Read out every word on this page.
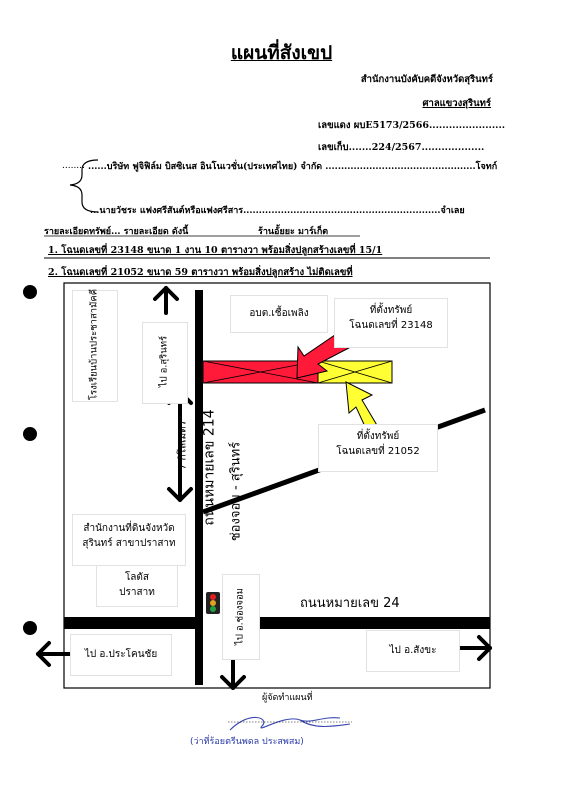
แผนที่สังเขป
สำนักงานบังคับคดีจังหวัดสุรินทร์
ศาลแขวงสุรินทร์
เลขแดง ผบE5173/2566.......................
เลขเก็บ.......224/2567...................
........ ......บริษัท ฟูจิฟิล์ม บิสซิเนส อินโนเวชั่น(ประเทศไทย) จำกัด ................................................โจทก์
...นายวัชระ แฟงศรีสันต์หรือแฟงศรีสาร...............................................................จำเลย
รายละเอียดทรัพย์... รายละเอียด ดังนี้	ร้านอั้ยยะ มาร์เก็ต
1. โฉนดเลขที่ 23148 ขนาด 1 งาน 10 ตารางวา พร้อมสิ่งปลูกสร้างเลขที่ 15/1
2. โฉนดเลขที่ 21052 ขนาด 59 ตารางวา พร้อมสิ่งปลูกสร้าง ไม่ติดเลขที่
โรงเรียนบ้านประชาสามัคคี	ไป อ.สุรินทร์
อบต.เชื้อเพลิง	ที่ตั้งทรัพย์
โฉนดเลขที่ 23148
ที่ตั้งทรัพย์
โฉนดเลขที่ 21052
7 กิโลเมตร ถนนหมายเลข 214 ช่องจอม - สุรินทร์
สำนักงานที่ดินจังหวัด
สุรินทร์ สาขาปราสาท
โลตัส
ปราสาท	ไป อ.ช่องจอม	ถนนหมายเลข 24
ไป อ.ประโคนชัย	ไป อ.สังขะ
ผู้จัดทำแผนที่
(ว่าที่ร้อยตรีนพดล ประสพสม)
